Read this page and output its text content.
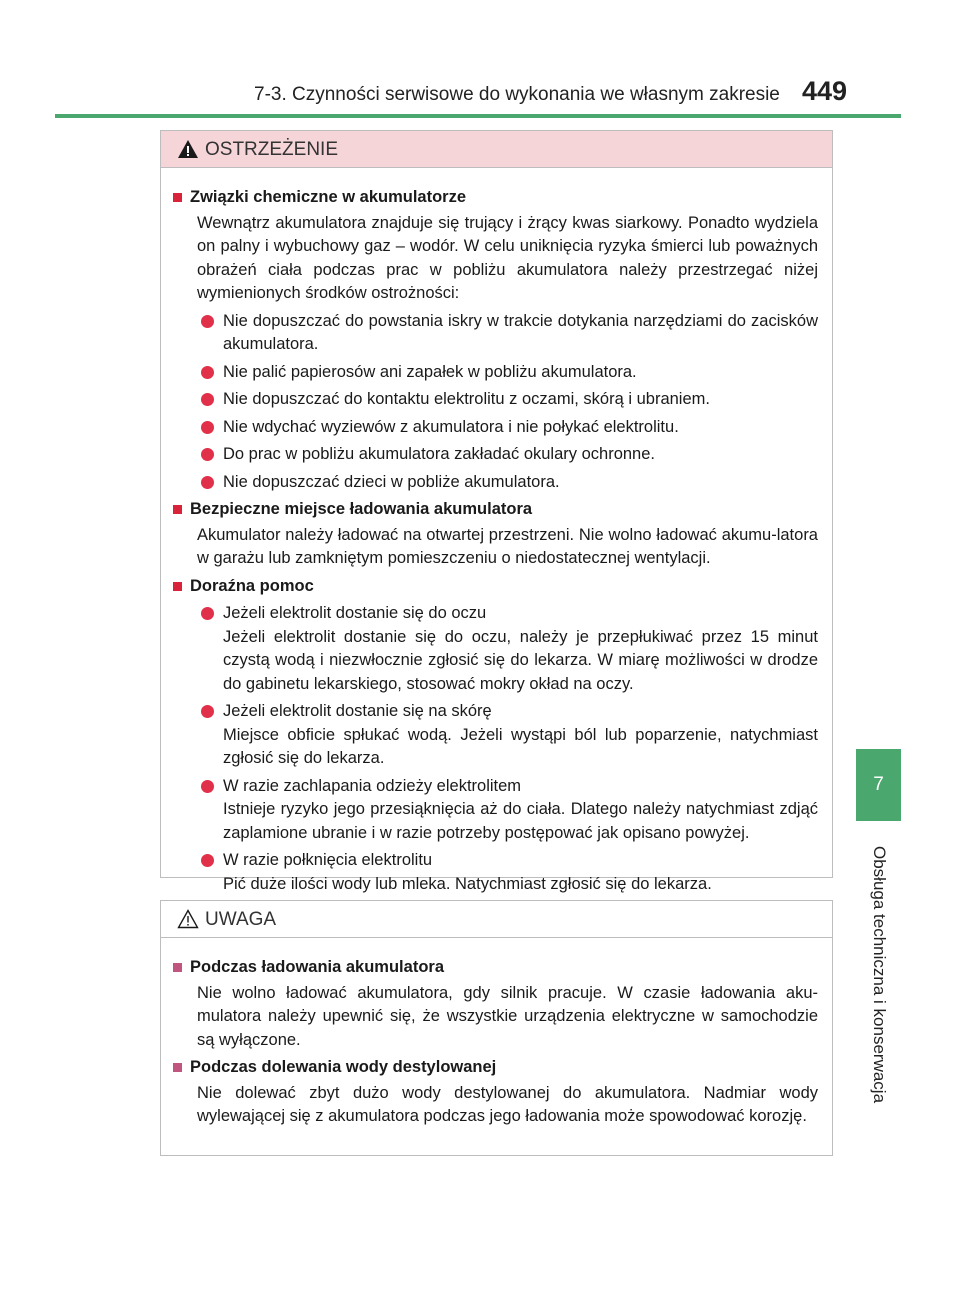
7-3. Czynności serwisowe do wykonania we własnym zakresie 449
7
Obsługa techniczna i konserwacja
OSTRZEŻENIE
Związki chemiczne w akumulatorze
Wewnątrz akumulatora znajduje się trujący i żrący kwas siarkowy. Ponadto wydziela on palny i wybuchowy gaz – wodór. W celu uniknięcia ryzyka śmierci lub poważnych obrażeń ciała podczas prac w pobliżu akumulatora należy przestrzegać niżej wymienionych środków ostrożności:
Nie dopuszczać do powstania iskry w trakcie dotykania narzędziami do zacisków akumulatora.
Nie palić papierosów ani zapałek w pobliżu akumulatora.
Nie dopuszczać do kontaktu elektrolitu z oczami, skórą i ubraniem.
Nie wdychać wyziewów z akumulatora i nie połykać elektrolitu.
Do prac w pobliżu akumulatora zakładać okulary ochronne.
Nie dopuszczać dzieci w pobliże akumulatora.
Bezpieczne miejsce ładowania akumulatora
Akumulator należy ładować na otwartej przestrzeni. Nie wolno ładować akumu-latora w garażu lub zamkniętym pomieszczeniu o niedostatecznej wentylacji.
Doraźna pomoc
Jeżeli elektrolit dostanie się do oczu
Jeżeli elektrolit dostanie się do oczu, należy je przepłukiwać przez 15 minut czystą wodą i niezwłocznie zgłosić się do lekarza. W miarę możliwości w drodze do gabinetu lekarskiego, stosować mokry okład na oczy.
Jeżeli elektrolit dostanie się na skórę
Miejsce obficie spłukać wodą. Jeżeli wystąpi ból lub poparzenie, natychmiast zgłosić się do lekarza.
W razie zachlapania odzieży elektrolitem
Istnieje ryzyko jego przesiąknięcia aż do ciała. Dlatego należy natychmiast zdjąć zaplamione ubranie i w razie potrzeby postępować jak opisano powyżej.
W razie połknięcia elektrolitu
Pić duże ilości wody lub mleka. Natychmiast zgłosić się do lekarza.
UWAGA
Podczas ładowania akumulatora
Nie wolno ładować akumulatora, gdy silnik pracuje. W czasie ładowania aku-mulatora należy upewnić się, że wszystkie urządzenia elektryczne w samochodzie są wyłączone.
Podczas dolewania wody destylowanej
Nie dolewać zbyt dużo wody destylowanej do akumulatora. Nadmiar wody wylewającej się z akumulatora podczas jego ładowania może spowodować korozję.
